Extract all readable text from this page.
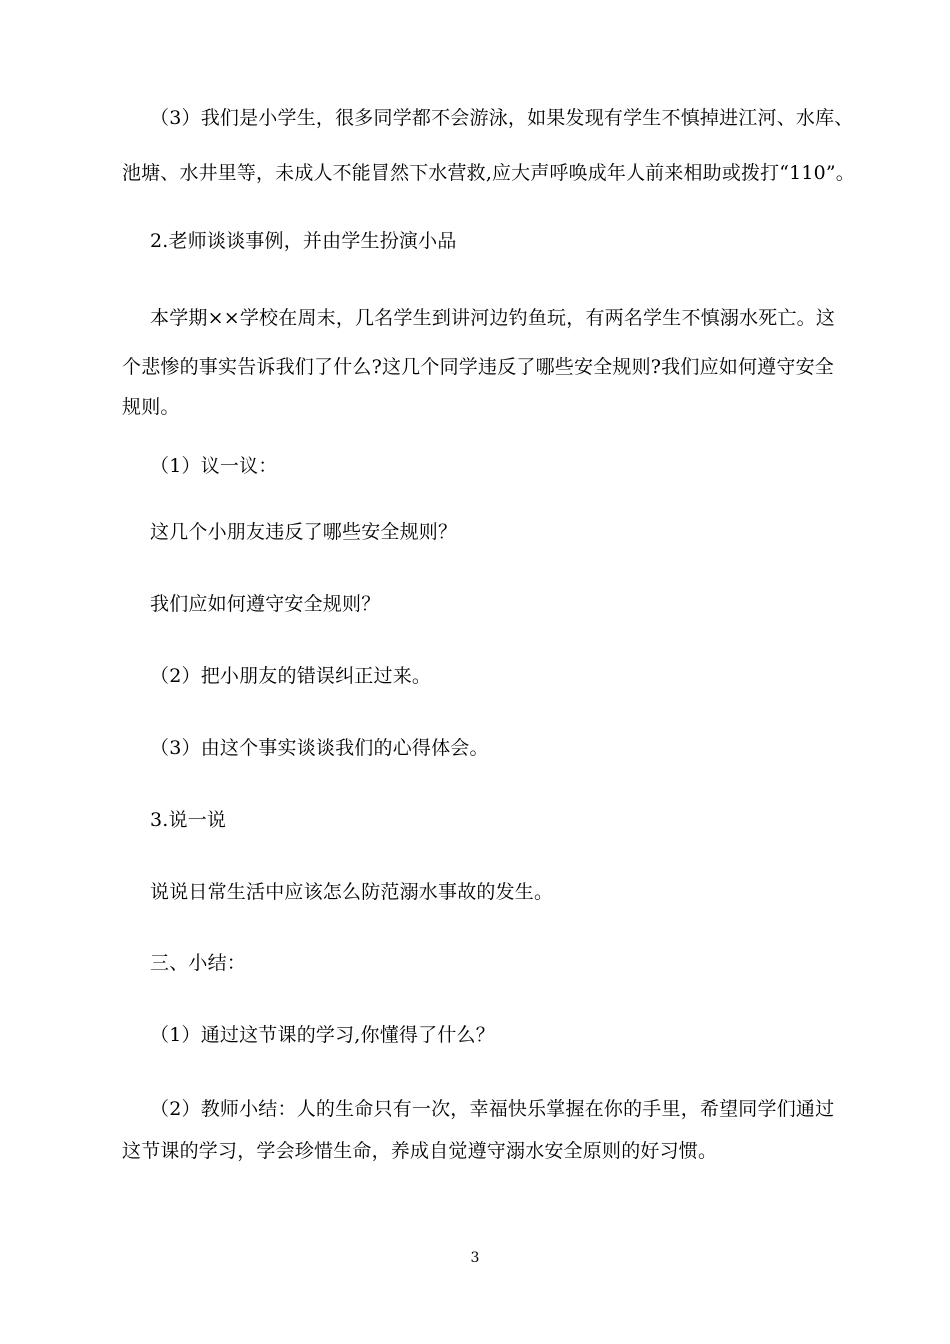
（3）我们是小学生，很多同学都不会游泳，如果发现有学生不慎掉进江河、水库、
池塘、水井里等，未成人不能冒然下水营救,应大声呼唤成年人前来相助或拨打“110”。
2.老师谈谈事例，并由学生扮演小品
本学期××学校在周末，几名学生到讲河边钓鱼玩，有两名学生不慎溺水死亡。这
个悲惨的事实告诉我们了什么?这几个同学违反了哪些安全规则?我们应如何遵守安全
规则。
（1）议一议：
这几个小朋友违反了哪些安全规则？
我们应如何遵守安全规则？
（2）把小朋友的错误纠正过来。
（3）由这个事实谈谈我们的心得体会。
3.说一说
说说日常生活中应该怎么防范溺水事故的发生。
三、小结：
（1）通过这节课的学习,你懂得了什么？
（2）教师小结：人的生命只有一次，幸福快乐掌握在你的手里，希望同学们通过
这节课的学习，学会珍惜生命，养成自觉遵守溺水安全原则的好习惯。
3
